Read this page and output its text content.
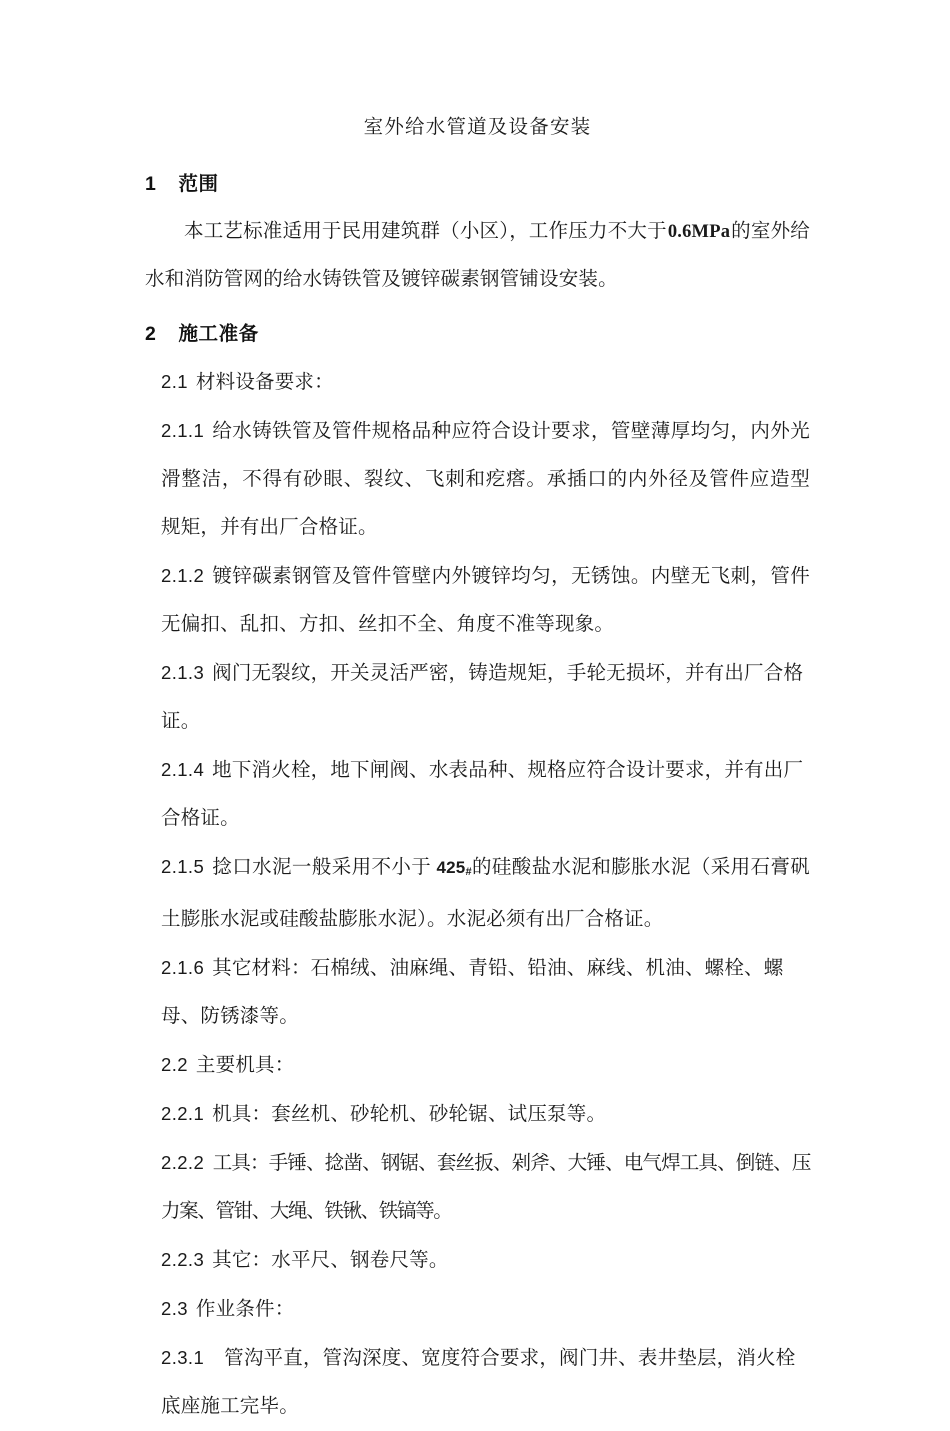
室外给水管道及设备安装
1 范围
本工艺标准适用于民用建筑群（小区），工作压力不大于0.6MPa的室外给水和消防管网的给水铸铁管及镀锌碳素钢管铺设安装。
2 施工准备
2.1 材料设备要求：
2.1.1 给水铸铁管及管件规格品种应符合设计要求，管壁薄厚均匀，内外光滑整洁，不得有砂眼、裂纹、飞刺和疙瘩。承插口的内外径及管件应造型规矩，并有出厂合格证。
2.1.2 镀锌碳素钢管及管件管壁内外镀锌均匀，无锈蚀。内壁无飞刺，管件无偏扣、乱扣、方扣、丝扣不全、角度不准等现象。
2.1.3 阀门无裂纹，开关灵活严密，铸造规矩，手轮无损坏，并有出厂合格证。
2.1.4 地下消火栓，地下闸阀、水表品种、规格应符合设计要求，并有出厂合格证。
2.1.5 捻口水泥一般采用不小于 $425_{\#}$的硅酸盐水泥和膨胀水泥（采用石膏矾土膨胀水泥或硅酸盐膨胀水泥）。水泥必须有出厂合格证。
2.1.6 其它材料：石棉绒、油麻绳、青铅、铅油、麻线、机油、螺栓、螺母、防锈漆等。
2.2 主要机具：
2.2.1 机具：套丝机、砂轮机、砂轮锯、试压泵等。
2.2.2 工具：手锤、捻凿、钢锯、套丝扳、剁斧、大锤、电气焊工具、倒链、压力案、管钳、大绳、铁锹、铁镐等。
2.2.3 其它：水平尺、钢卷尺等。
2.3 作业条件：
2.3.1 管沟平直，管沟深度、宽度符合要求，阀门井、表井垫层，消火栓底座施工完毕。
